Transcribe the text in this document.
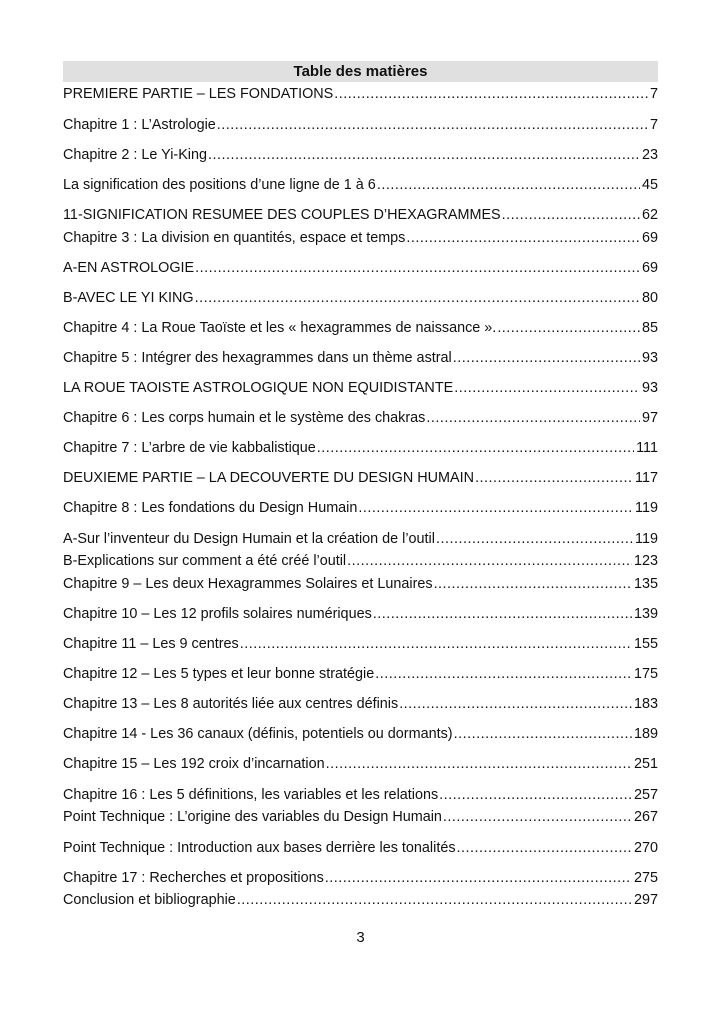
Table des matières
PREMIERE PARTIE – LES FONDATIONS .....	7
Chapitre 1 : L’Astrologie .....	7
Chapitre 2 : Le Yi-King .....	23
La signification des positions d’une ligne de 1 à 6 .....	45
11-SIGNIFICATION RESUMEE DES COUPLES D’HEXAGRAMMES .....	62
Chapitre 3 : La division en quantités, espace et temps .....	69
A-EN ASTROLOGIE .....	69
B-AVEC LE YI KING .....	80
Chapitre 4 : La Roue Taoïste et les « hexagrammes de naissance ». .....	85
Chapitre 5 : Intégrer des hexagrammes dans un thème astral .....	93
LA ROUE TAOISTE ASTROLOGIQUE NON EQUIDISTANTE .....	93
Chapitre 6 : Les corps humain et le système des chakras .....	97
Chapitre 7 : L’arbre de vie kabbalistique .....	111
DEUXIEME PARTIE – LA DECOUVERTE DU DESIGN HUMAIN .....	117
Chapitre 8 : Les fondations du Design Humain .....	119
A-Sur l’inventeur du Design Humain et la création de l’outil .....	119
B-Explications sur comment a été créé l’outil .....	123
Chapitre 9 – Les deux Hexagrammes Solaires et Lunaires .....	135
Chapitre 10 – Les 12 profils solaires numériques .....	139
Chapitre 11 – Les 9 centres .....	155
Chapitre 12 – Les 5 types et leur bonne stratégie .....	175
Chapitre 13 – Les 8 autorités liée aux centres définis .....	183
Chapitre 14 - Les 36 canaux (définis, potentiels ou dormants) .....	189
Chapitre 15 – Les 192 croix d’incarnation .....	251
Chapitre 16 : Les 5 définitions, les variables et les relations .....	257
Point Technique : L’origine des variables du Design Humain .....	267
Point Technique : Introduction aux bases derrière les tonalités .....	270
Chapitre 17 : Recherches et propositions .....	275
Conclusion et bibliographie .....	297
3
